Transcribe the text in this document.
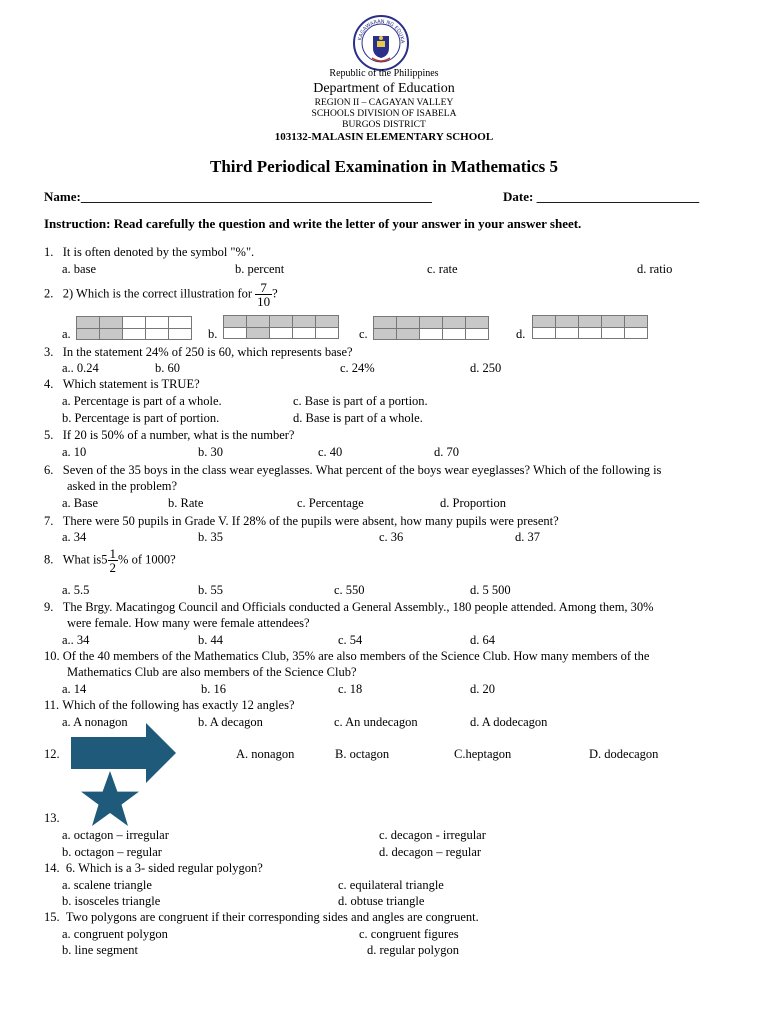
KAGAWARAN NG EDUKA
Republic of the Philippines
Department of Education
REGION II – CAGAYAN VALLEY
SCHOOLS DIVISION OF ISABELA
BURGOS DISTRICT
103132-MALASIN ELEMENTARY SCHOOL
Third Periodical Examination in Mathematics 5
Name:______________________________________________________	Date: _________________________
Instruction: Read carefully the question and write the letter of your answer in your answer sheet.
1. It is often denoted by the symbol "%".
a. base	b. percent	c. rate	d. ratio
2. 2) Which is the correct illustration for $\frac{7}{10}$ ?
a.	b.	c.	d.
3. In the statement 24% of 250 is 60, which represents base?
a.. 0.24	b. 60	c. 24%	d. 250
4. Which statement is TRUE?
a. Percentage is part of a whole.	c. Base is part of a portion.
b. Percentage is part of portion.	d. Base is part of a whole.
5. If 20 is 50% of a number, what is the number?
a. 10	b. 30	c. 40	d. 70
6. Seven of the 35 boys in the class wear eyeglasses. What percent of the boys wear eyeglasses? Which of the following is
asked in the problem?
a. Base	b. Rate	c. Percentage	d. Proportion
7. There were 50 pupils in Grade V. If 28% of the pupils were absent, how many pupils were present?
a. 34	b. 35	c. 36	d. 37
8. What $is5 \frac{1}{2}$ % of 1000?
a. 5.5	b. 55	c. 550	d. 5 500
9. The Brgy. Macatingog Council and Officials conducted a General Assembly., 180 people attended. Among them, 30%
were female. How many were female attendees?
a.. 34	b. 44	c. 54	d. 64
10. Of the 40 members of the Mathematics Club, 35% are also members of the Science Club. How many members of the
Mathematics Club are also members of the Science Club?
a. 14	b. 16	c. 18	d. 20
11. Which of the following has exactly 12 angles?
a. A nonagon	b. A decagon	c. An undecagon	d. A dodecagon
12.	A. nonagon	B. octagon	C.heptagon	D. dodecagon
13.
a. octagon – irregular	c. decagon - irregular
b. octagon – regular	d. decagon – regular
14. 6. Which is a 3- sided regular polygon?
a. scalene triangle	c. equilateral triangle
b. isosceles triangle	d. obtuse triangle
15. Two polygons are congruent if their corresponding sides and angles are congruent.
a. congruent polygon	c. congruent figures
b. line segment	d. regular polygon
